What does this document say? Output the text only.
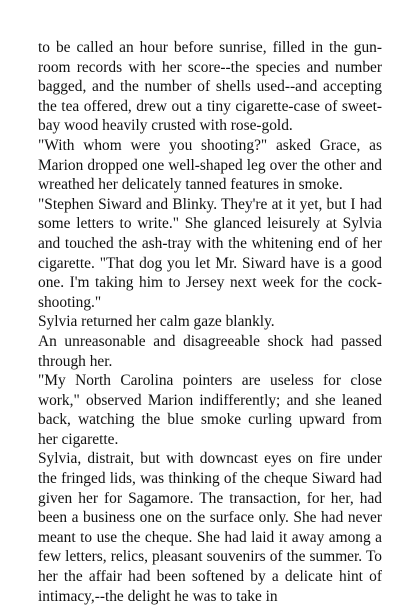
to be called an hour before sunrise, filled in the gun-room records with her score--the species and number bagged, and the number of shells used--and accepting the tea offered, drew out a tiny cigarette-case of sweet-bay wood heavily crusted with rose-gold.

"With whom were you shooting?" asked Grace, as Marion dropped one well-shaped leg over the other and wreathed her delicately tanned features in smoke.

"Stephen Siward and Blinky. They're at it yet, but I had some letters to write." She glanced leisurely at Sylvia and touched the ash-tray with the whitening end of her cigarette. "That dog you let Mr. Siward have is a good one. I'm taking him to Jersey next week for the cock-shooting."

Sylvia returned her calm gaze blankly.

An unreasonable and disagreeable shock had passed through her.

"My North Carolina pointers are useless for close work," observed Marion indifferently; and she leaned back, watching the blue smoke curling upward from her cigarette.

Sylvia, distrait, but with downcast eyes on fire under the fringed lids, was thinking of the cheque Siward had given her for Sagamore. The transaction, for her, had been a business one on the surface only. She had never meant to use the cheque. She had laid it away among a few letters, relics, pleasant souvenirs of the summer. To her the affair had been softened by a delicate hint of intimacy,--the delight he was to take in
